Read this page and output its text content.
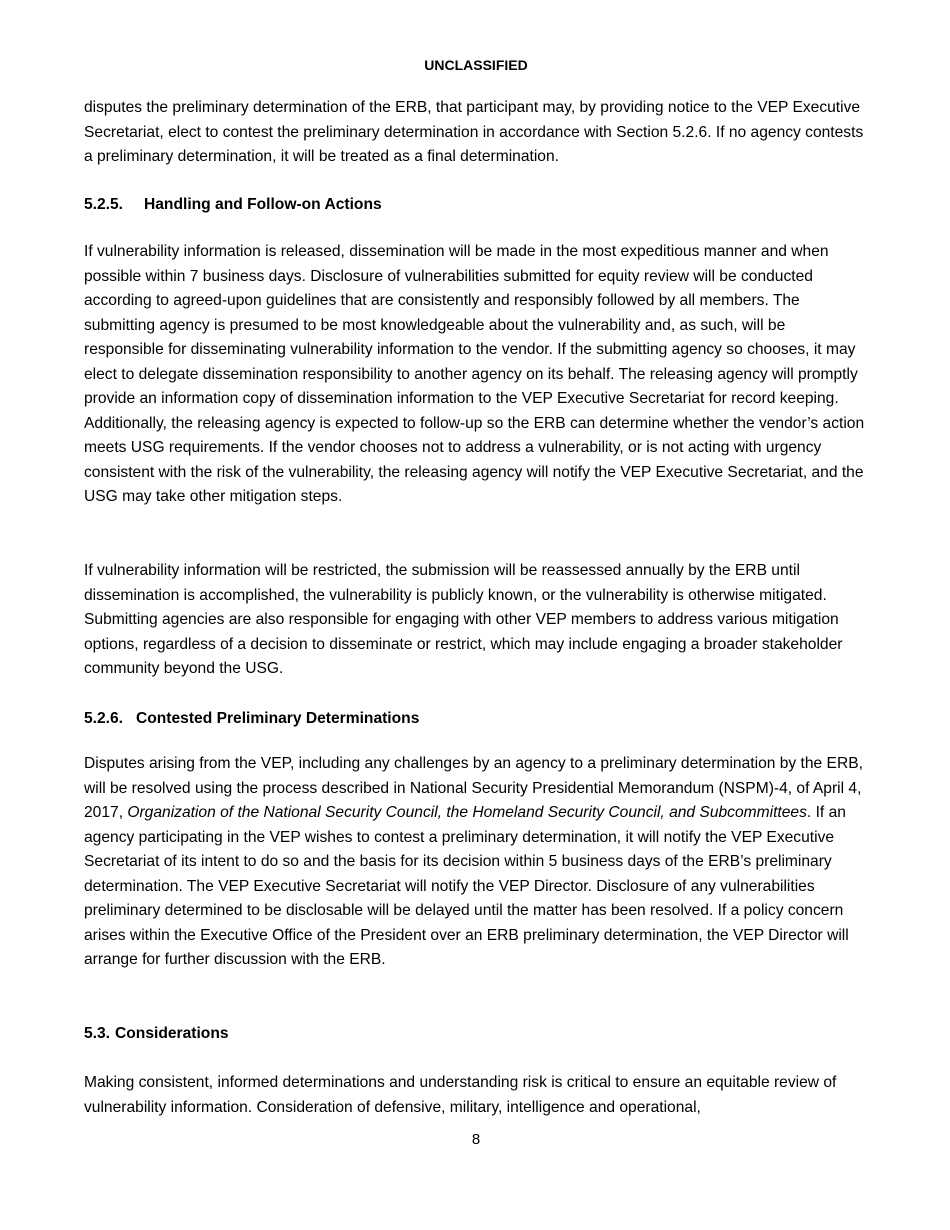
UNCLASSIFIED

disputes the preliminary determination of the ERB, that participant may, by providing notice to the VEP Executive Secretariat, elect to contest the preliminary determination in accordance with Section 5.2.6. If no agency contests a preliminary determination, it will be treated as a final determination.

5.2.5. Handling and Follow-on Actions

If vulnerability information is released, dissemination will be made in the most expeditious manner and when possible within 7 business days. Disclosure of vulnerabilities submitted for equity review will be conducted according to agreed-upon guidelines that are consistently and responsibly followed by all members. The submitting agency is presumed to be most knowledgeable about the vulnerability and, as such, will be responsible for disseminating vulnerability information to the vendor. If the submitting agency so chooses, it may elect to delegate dissemination responsibility to another agency on its behalf. The releasing agency will promptly provide an information copy of dissemination information to the VEP Executive Secretariat for record keeping. Additionally, the releasing agency is expected to follow-up so the ERB can determine whether the vendor’s action meets USG requirements. If the vendor chooses not to address a vulnerability, or is not acting with urgency consistent with the risk of the vulnerability, the releasing agency will notify the VEP Executive Secretariat, and the USG may take other mitigation steps.

If vulnerability information will be restricted, the submission will be reassessed annually by the ERB until dissemination is accomplished, the vulnerability is publicly known, or the vulnerability is otherwise mitigated. Submitting agencies are also responsible for engaging with other VEP members to address various mitigation options, regardless of a decision to disseminate or restrict, which may include engaging a broader stakeholder community beyond the USG.

5.2.6. Contested Preliminary Determinations

Disputes arising from the VEP, including any challenges by an agency to a preliminary determination by the ERB, will be resolved using the process described in National Security Presidential Memorandum (NSPM)-4, of April 4, 2017, Organization of the National Security Council, the Homeland Security Council, and Subcommittees. If an agency participating in the VEP wishes to contest a preliminary determination, it will notify the VEP Executive Secretariat of its intent to do so and the basis for its decision within 5 business days of the ERB’s preliminary determination. The VEP Executive Secretariat will notify the VEP Director. Disclosure of any vulnerabilities preliminary determined to be disclosable will be delayed until the matter has been resolved. If a policy concern arises within the Executive Office of the President over an ERB preliminary determination, the VEP Director will arrange for further discussion with the ERB.

5.3. Considerations

Making consistent, informed determinations and understanding risk is critical to ensure an equitable review of vulnerability information. Consideration of defensive, military, intelligence and operational,

8
